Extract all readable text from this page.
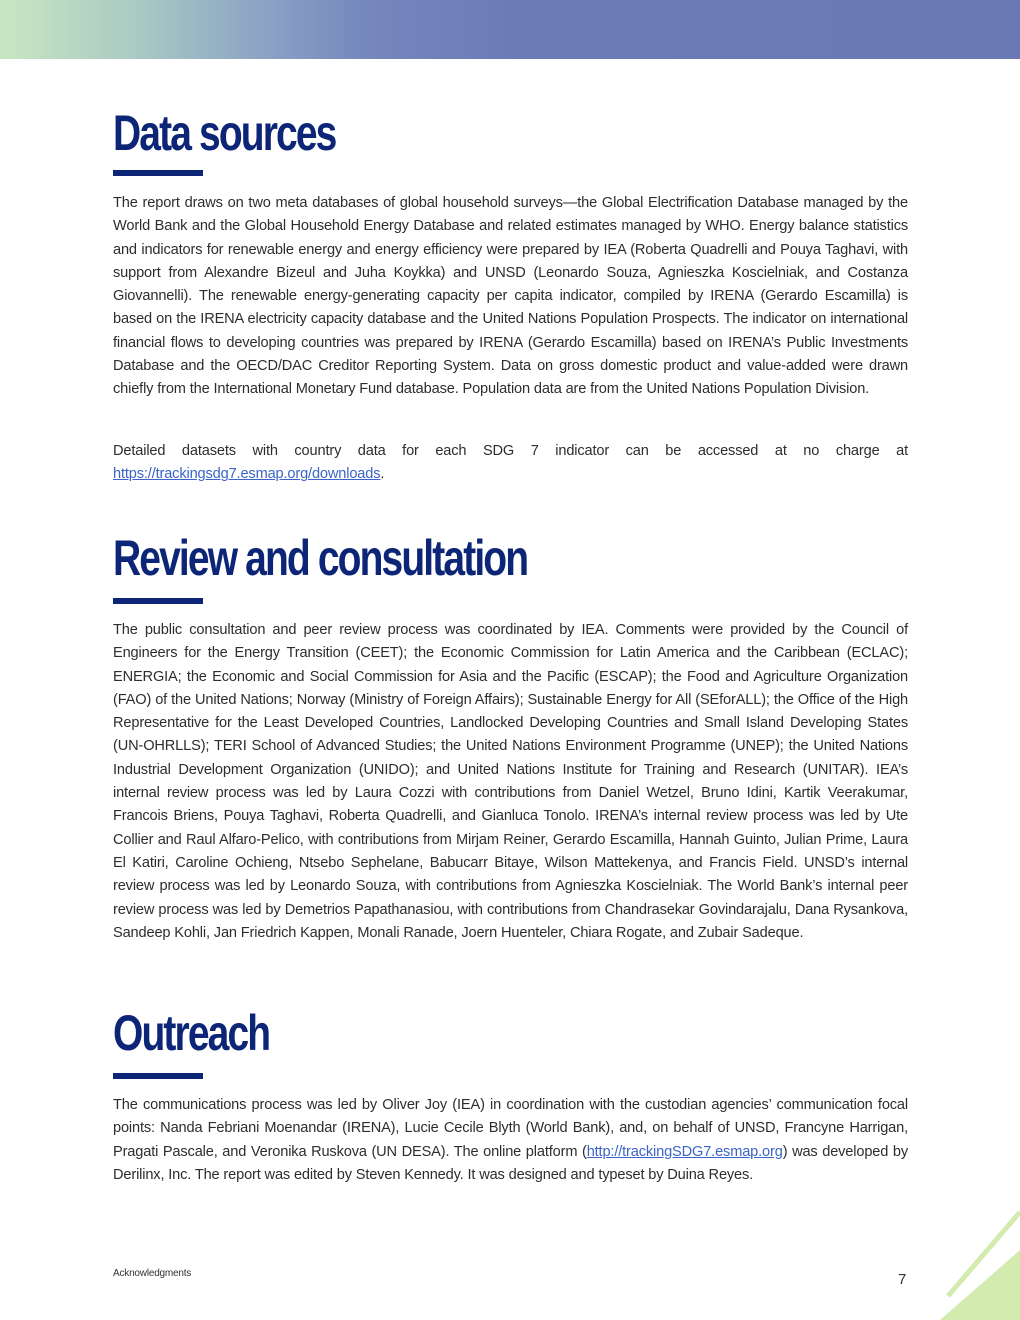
Data sources

The report draws on two meta databases of global household surveys—the Global Electrification Database managed by the World Bank and the Global Household Energy Database and related estimates managed by WHO. Energy balance statistics and indicators for renewable energy and energy efficiency were prepared by IEA (Roberta Quadrelli and Pouya Taghavi, with support from Alexandre Bizeul and Juha Koykka) and UNSD (Leonardo Souza, Agnieszka Koscielniak, and Costanza Giovannelli). The renewable energy-generating capacity per capita indicator, compiled by IRENA (Gerardo Escamilla) is based on the IRENA electricity capacity database and the United Nations Population Prospects. The indicator on international financial flows to developing countries was prepared by IRENA (Gerardo Escamilla) based on IRENA’s Public Investments Database and the OECD/DAC Creditor Reporting System. Data on gross domestic product and value-added were drawn chiefly from the International Monetary Fund database. Population data are from the United Nations Population Division.

Detailed datasets with country data for each SDG 7 indicator can be accessed at no charge at https://trackingsdg7.esmap.org/downloads.

Review and consultation

The public consultation and peer review process was coordinated by IEA. Comments were provided by the Council of Engineers for the Energy Transition (CEET); the Economic Commission for Latin America and the Caribbean (ECLAC); ENERGIA; the Economic and Social Commission for Asia and the Pacific (ESCAP); the Food and Agriculture Organization (FAO) of the United Nations; Norway (Ministry of Foreign Affairs); Sustainable Energy for All (SEforALL); the Office of the High Representative for the Least Developed Countries, Landlocked Developing Countries and Small Island Developing States (UN-OHRLLS); TERI School of Advanced Studies; the United Nations Environment Programme (UNEP); the United Nations Industrial Development Organization (UNIDO); and United Nations Institute for Training and Research (UNITAR). IEA’s internal review process was led by Laura Cozzi with contributions from Daniel Wetzel, Bruno Idini, Kartik Veerakumar, Francois Briens, Pouya Taghavi, Roberta Quadrelli, and Gianluca Tonolo. IRENA’s internal review process was led by Ute Collier and Raul Alfaro-Pelico, with contributions from Mirjam Reiner, Gerardo Escamilla, Hannah Guinto, Julian Prime, Laura El Katiri, Caroline Ochieng, Ntsebo Sephelane, Babucarr Bitaye, Wilson Mattekenya, and Francis Field. UNSD’s internal review process was led by Leonardo Souza, with contributions from Agnieszka Koscielniak. The World Bank’s internal peer review process was led by Demetrios Papathanasiou, with contributions from Chandrasekar Govindarajalu, Dana Rysankova, Sandeep Kohli, Jan Friedrich Kappen, Monali Ranade, Joern Huenteler, Chiara Rogate, and Zubair Sadeque.

Outreach

The communications process was led by Oliver Joy (IEA) in coordination with the custodian agencies’ communication focal points: Nanda Febriani Moenandar (IRENA), Lucie Cecile Blyth (World Bank), and, on behalf of UNSD, Francyne Harrigan, Pragati Pascale, and Veronika Ruskova (UN DESA). The online platform (http://trackingSDG7.esmap.org) was developed by Derilinx, Inc. The report was edited by Steven Kennedy. It was designed and typeset by Duina Reyes.

Acknowledgments	7
